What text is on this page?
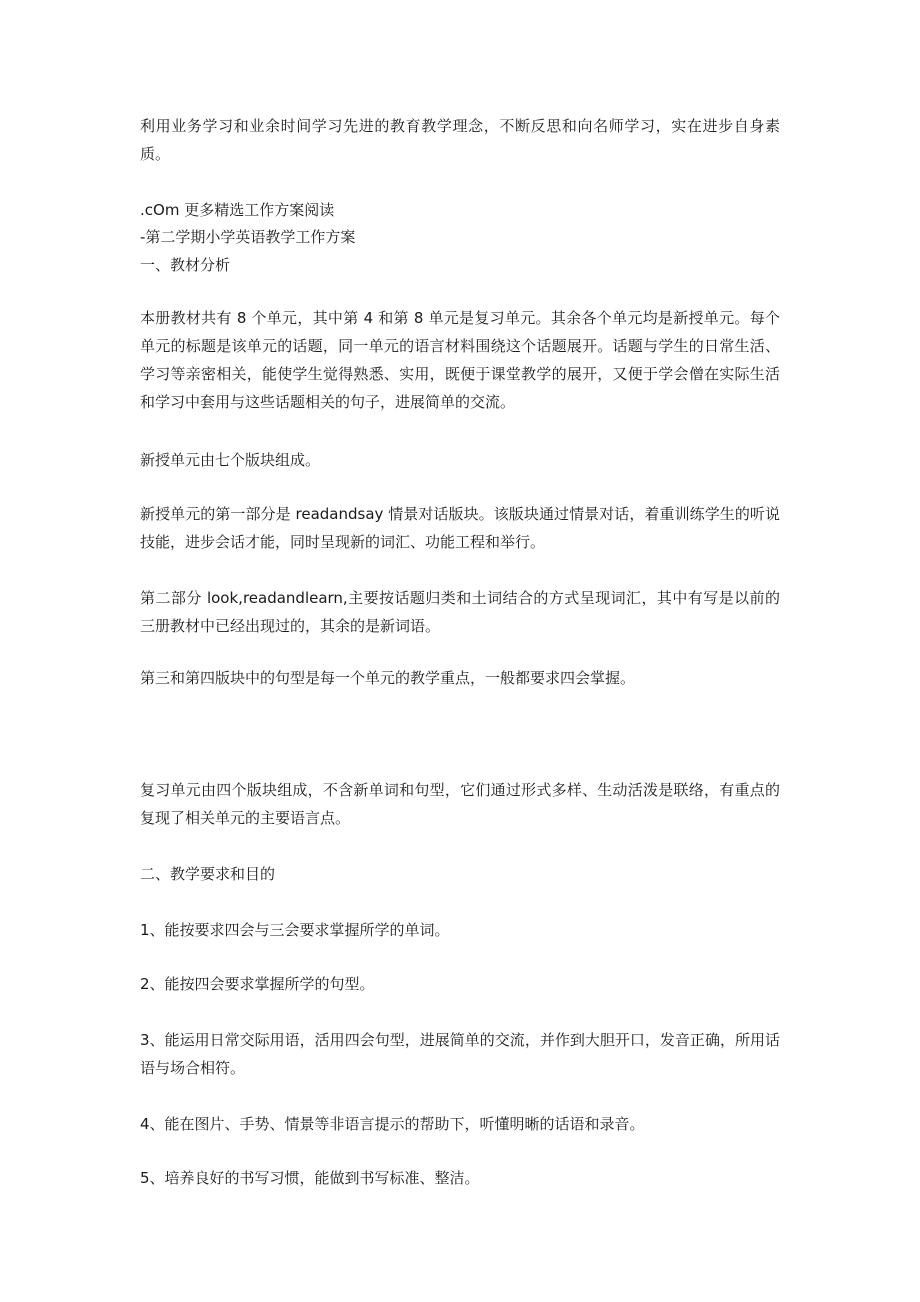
利用业务学习和业余时间学习先进的教育教学理念，不断反思和向名师学习，实在进步自身素质。

.cOm 更多精选工作方案阅读

-第二学期小学英语教学工作方案

一、教材分析

本册教材共有 8 个单元，其中第 4 和第 8 单元是复习单元。其余各个单元均是新授单元。每个单元的标题是该单元的话题，同一单元的语言材料围绕这个话题展开。话题与学生的日常生活、学习等亲密相关，能使学生觉得熟悉、实用，既便于课堂教学的展开，又便于学会僧在实际生活和学习中套用与这些话题相关的句子，进展简单的交流。

新授单元由七个版块组成。

新授单元的第一部分是 readandsay 情景对话版块。该版块通过情景对话，着重训练学生的听说技能，进步会话才能，同时呈现新的词汇、功能工程和举行。

第二部分 look,readandlearn,主要按话题归类和土词结合的方式呈现词汇，其中有写是以前的三册教材中已经出现过的，其余的是新词语。

第三和第四版块中的句型是每一个单元的教学重点，一般都要求四会掌握。

复习单元由四个版块组成，不含新单词和句型，它们通过形式多样、生动活泼是联络，有重点的复现了相关单元的主要语言点。

二、教学要求和目的

1、能按要求四会与三会要求掌握所学的单词。

2、能按四会要求掌握所学的句型。

3、能运用日常交际用语，活用四会句型，进展简单的交流，并作到大胆开口，发音正确，所用话语与场合相符。

4、能在图片、手势、情景等非语言提示的帮助下，听懂明晰的话语和录音。

5、培养良好的书写习惯，能做到书写标准、整洁。
